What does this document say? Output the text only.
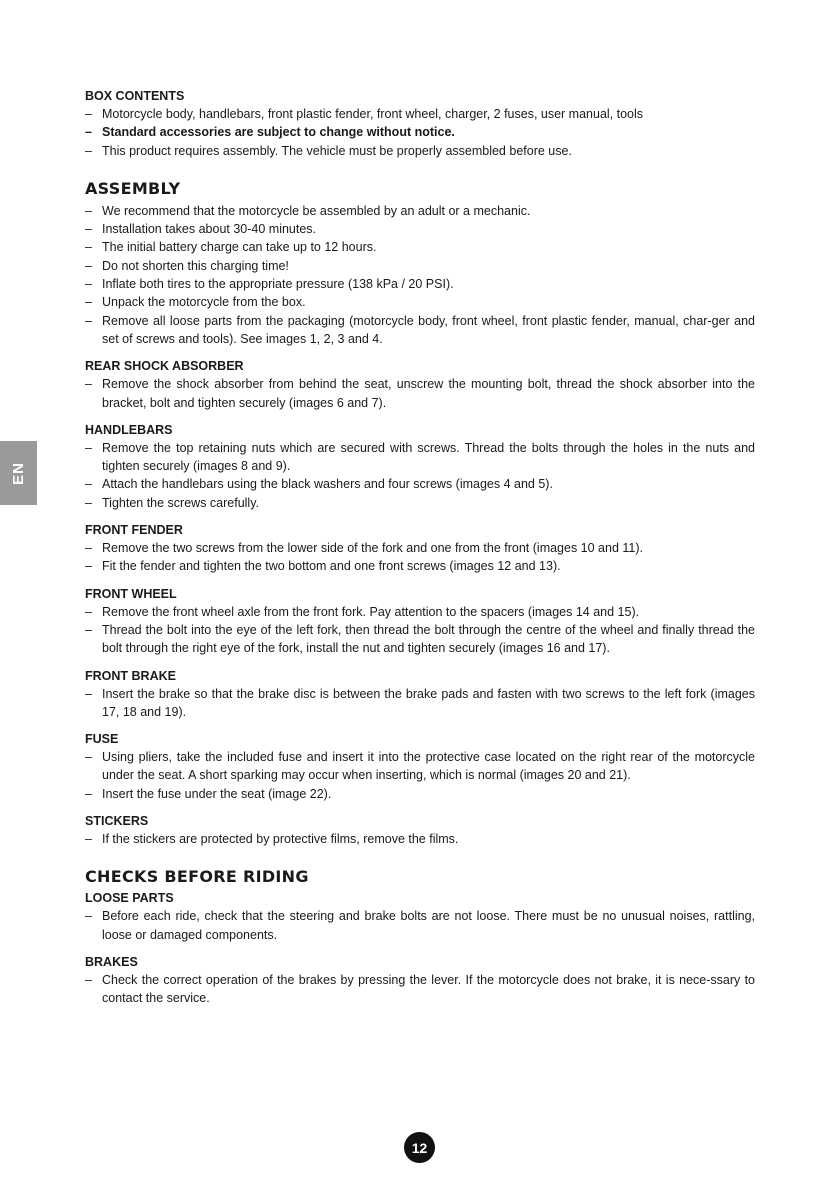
EN
BOX CONTENTS
– Motorcycle body, handlebars, front plastic fender, front wheel, charger, 2 fuses, user manual, tools
– Standard accessories are subject to change without notice.
– This product requires assembly. The vehicle must be properly assembled before use.
ASSEMBLY
– We recommend that the motorcycle be assembled by an adult or a mechanic.
– Installation takes about 30-40 minutes.
– The initial battery charge can take up to 12 hours.
– Do not shorten this charging time!
– Inflate both tires to the appropriate pressure (138 kPa / 20 PSI).
– Unpack the motorcycle from the box.
– Remove all loose parts from the packaging (motorcycle body, front wheel, front plastic fender, manual, char-ger and set of screws and tools). See images 1, 2, 3 and 4.
REAR SHOCK ABSORBER
– Remove the shock absorber from behind the seat, unscrew the mounting bolt, thread the shock absorber into the bracket, bolt and tighten securely (images 6 and 7).
HANDLEBARS
– Remove the top retaining nuts which are secured with screws. Thread the bolts through the holes in the nuts and tighten securely (images 8 and 9).
– Attach the handlebars using the black washers and four screws (images 4 and 5).
– Tighten the screws carefully.
FRONT FENDER
– Remove the two screws from the lower side of the fork and one from the front (images 10 and 11).
– Fit the fender and tighten the two bottom and one front screws (images 12 and 13).
FRONT WHEEL
– Remove the front wheel axle from the front fork. Pay attention to the spacers (images 14 and 15).
– Thread the bolt into the eye of the left fork, then thread the bolt through the centre of the wheel and finally thread the bolt through the right eye of the fork, install the nut and tighten securely (images 16 and 17).
FRONT BRAKE
– Insert the brake so that the brake disc is between the brake pads and fasten with two screws to the left fork (images 17, 18 and 19).
FUSE
– Using pliers, take the included fuse and insert it into the protective case located on the right rear of the motorcycle under the seat. A short sparking may occur when inserting, which is normal (images 20 and 21).
– Insert the fuse under the seat (image 22).
STICKERS
– If the stickers are protected by protective films, remove the films.
CHECKS BEFORE RIDING
LOOSE PARTS
– Before each ride, check that the steering and brake bolts are not loose. There must be no unusual noises, rattling, loose or damaged components.
BRAKES
– Check the correct operation of the brakes by pressing the lever. If the motorcycle does not brake, it is nece-ssary to contact the service.
12
